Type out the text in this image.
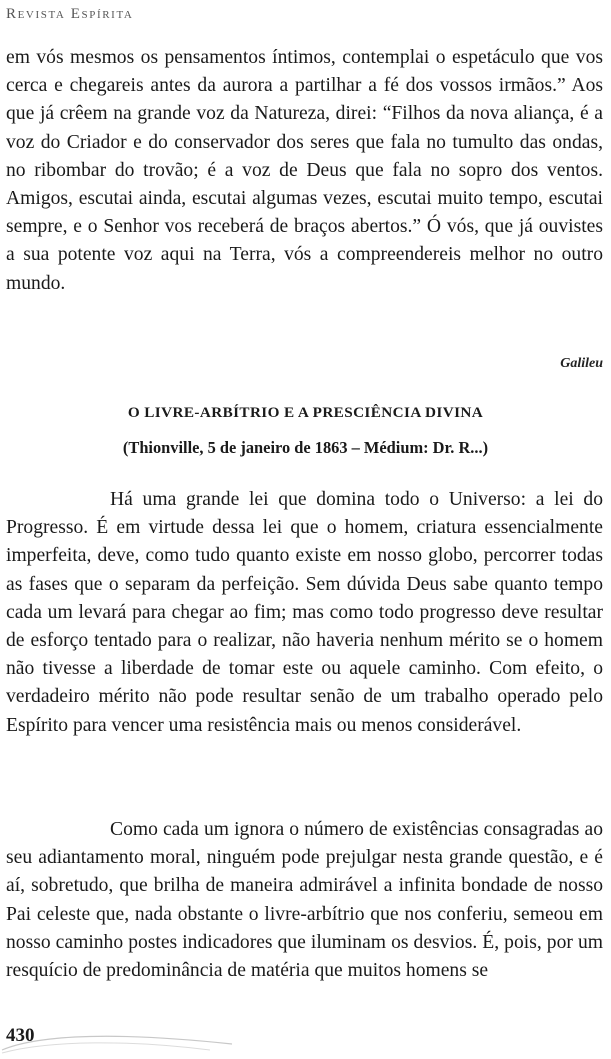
Revista Espírita

em vós mesmos os pensamentos íntimos, contemplai o espetáculo que vos cerca e chegareis antes da aurora a partilhar a fé dos vossos irmãos.” Aos que já crêem na grande voz da Natureza, direi: “Filhos da nova aliança, é a voz do Criador e do conservador dos seres que fala no tumulto das ondas, no ribombar do trovão; é a voz de Deus que fala no sopro dos ventos. Amigos, escutai ainda, escutai algumas vezes, escutai muito tempo, escutai sempre, e o Senhor vos receberá de braços abertos.” Ó vós, que já ouvistes a sua potente voz aqui na Terra, vós a compreendereis melhor no outro mundo.

Galileu
O LIVRE-ARBÍTRIO E A PRESCIÊNCIA DIVINA
(Thionville, 5 de janeiro de 1863 – Médium: Dr. R...)

Há uma grande lei que domina todo o Universo: a lei do Progresso. É em virtude dessa lei que o homem, criatura essencialmente imperfeita, deve, como tudo quanto existe em nosso globo, percorrer todas as fases que o separam da perfeição. Sem dúvida Deus sabe quanto tempo cada um levará para chegar ao fim; mas como todo progresso deve resultar de esforço tentado para o realizar, não haveria nenhum mérito se o homem não tivesse a liberdade de tomar este ou aquele caminho. Com efeito, o verdadeiro mérito não pode resultar senão de um trabalho operado pelo Espírito para vencer uma resistência mais ou menos considerável.

Como cada um ignora o número de existências consagradas ao seu adiantamento moral, ninguém pode prejulgar nesta grande questão, e é aí, sobretudo, que brilha de maneira admirável a infinita bondade de nosso Pai celeste que, nada obstante o livre-arbítrio que nos conferiu, semeou em nosso caminho postes indicadores que iluminam os desvios. É, pois, por um resquício de predominância de matéria que muitos homens se

430
